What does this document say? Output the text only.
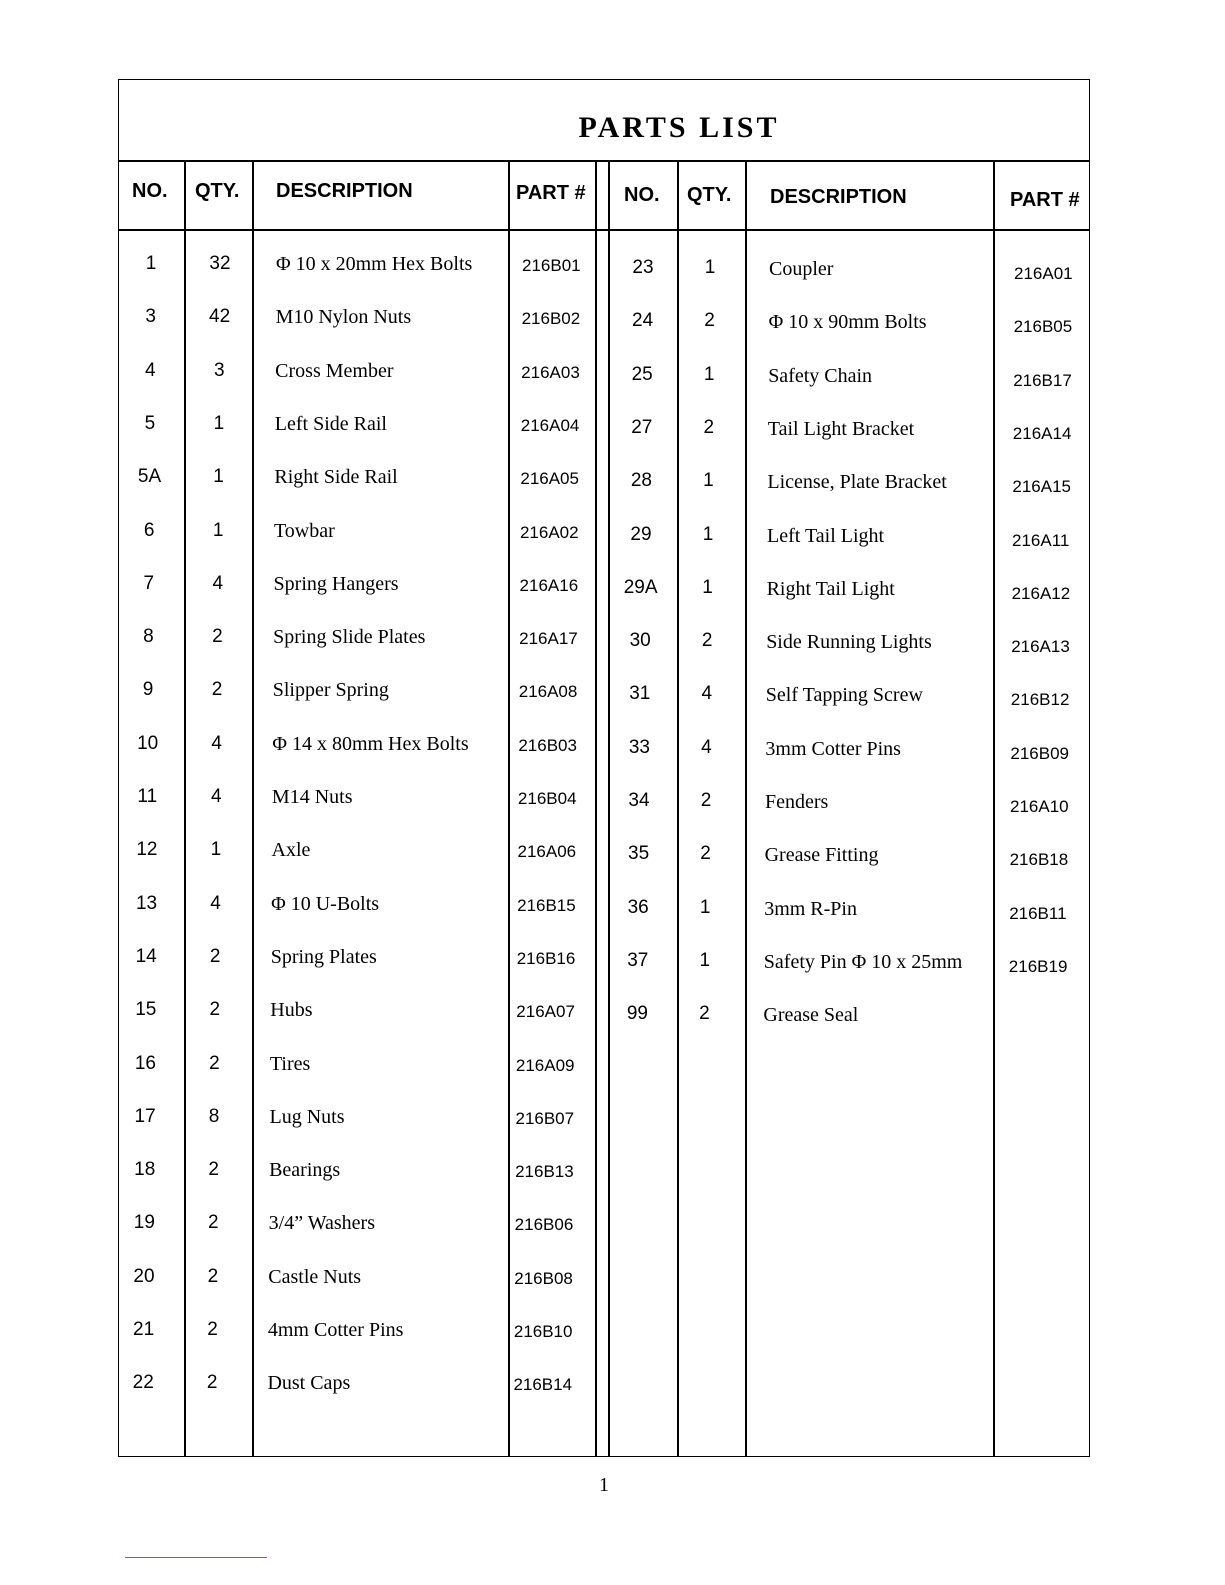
PARTS LIST
NO. QTY. DESCRIPTION	PART # NO. QTY. DESCRIPTION	PART #
1	32	Φ 10 x 20mm Hex Bolts	216B01
3	42	M10 Nylon Nuts	216B02
4	3	Cross Member	216A03
5	1	Left Side Rail	216A04
5A	1	Right Side Rail	216A05
6	1	Towbar	216A02
7	4	Spring Hangers	216A16
8	2	Spring Slide Plates	216A17
9	2	Slipper Spring	216A08
10	4	Φ 14 x 80mm Hex Bolts	216B03
11	4	M14 Nuts	216B04
12	1	Axle	216A06
13	4	Φ 10 U-Bolts	216B15
14	2	Spring Plates	216B16
15	2	Hubs	216A07
16	2	Tires	216A09
17	8	Lug Nuts	216B07
18	2	Bearings	216B13
19	2	3/4” Washers	216B06
20	2	Castle Nuts	216B08
21	2	4mm Cotter Pins	216B10
22	2	Dust Caps	216B14
23	1	Coupler	216A01
24	2	Φ 10 x 90mm Bolts	216B05
25	1	Safety Chain	216B17
27	2	Tail Light Bracket	216A14
28	1	License, Plate Bracket	216A15
29	1	Left Tail Light	216A11
29A	1	Right Tail Light	216A12
30	2	Side Running Lights	216A13
31	4	Self Tapping Screw	216B12
33	4	3mm Cotter Pins	216B09
34	2	Fenders	216A10
35	2	Grease Fitting	216B18
36	1	3mm R-Pin	216B11
37	1	Safety Pin Φ 10 x 25mm	216B19
99	2	Grease Seal
1
